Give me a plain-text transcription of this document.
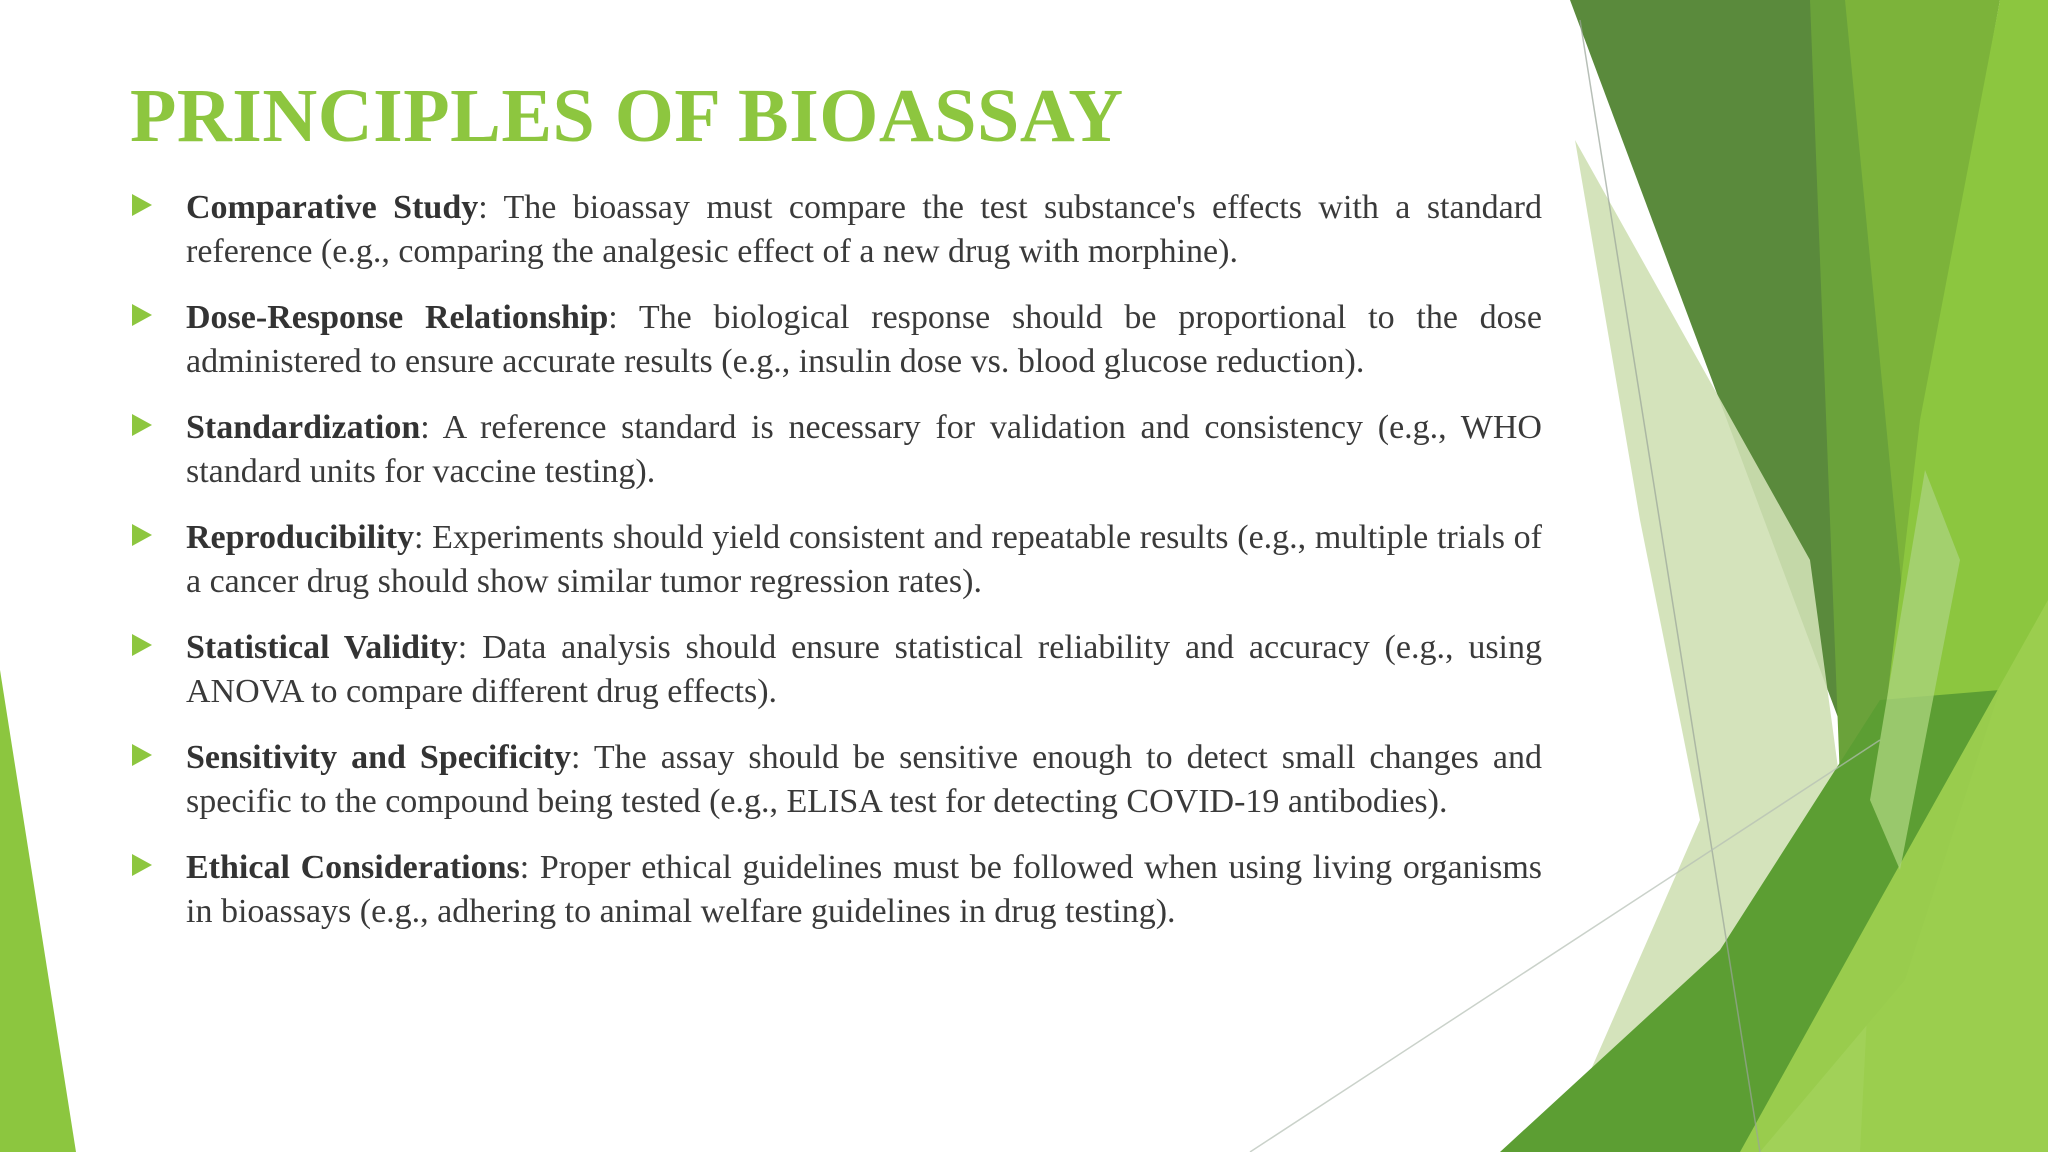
PRINCIPLES OF BIOASSAY
Comparative Study: The bioassay must compare the test substance's effects with a standard reference (e.g., comparing the analgesic effect of a new drug with morphine).
Dose-Response Relationship: The biological response should be proportional to the dose administered to ensure accurate results (e.g., insulin dose vs. blood glucose reduction).
Standardization: A reference standard is necessary for validation and consistency (e.g., WHO standard units for vaccine testing).
Reproducibility: Experiments should yield consistent and repeatable results (e.g., multiple trials of a cancer drug should show similar tumor regression rates).
Statistical Validity: Data analysis should ensure statistical reliability and accuracy (e.g., using ANOVA to compare different drug effects).
Sensitivity and Specificity: The assay should be sensitive enough to detect small changes and specific to the compound being tested (e.g., ELISA test for detecting COVID-19 antibodies).
Ethical Considerations: Proper ethical guidelines must be followed when using living organisms in bioassays (e.g., adhering to animal welfare guidelines in drug testing).
